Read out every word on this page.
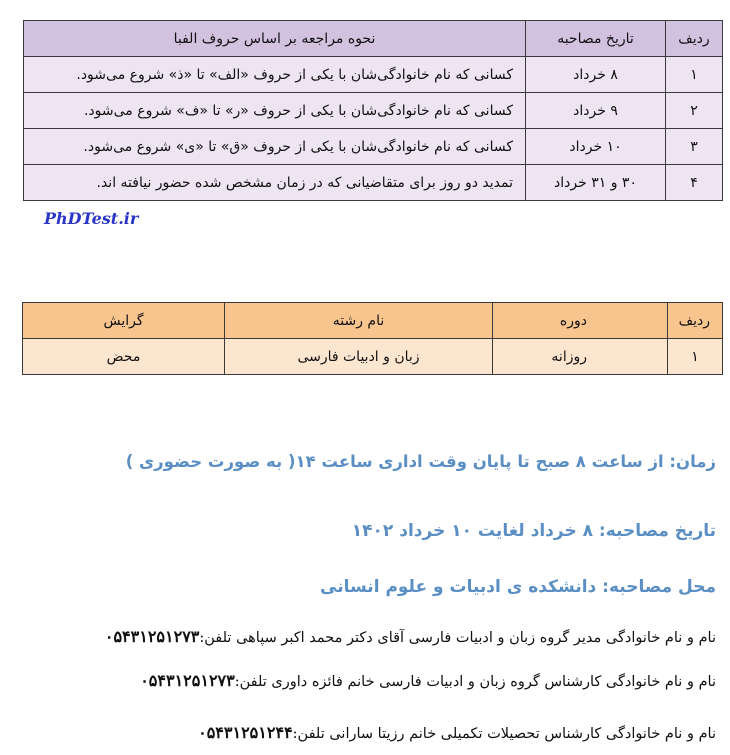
ردیف	تاریخ مصاحبه	نحوه مراجعه بر اساس حروف الفبا
۱	۸ خرداد	کسانی که نام خانوادگی‌شان با یکی از حروف «الف» تا «ذ» شروع می‌شود.
۲	۹ خرداد	کسانی که نام خانوادگی‌شان با یکی از حروف «ر» تا «ف» شروع می‌شود.
۳	۱۰ خرداد	کسانی که نام خانوادگی‌شان با یکی از حروف «ق» تا «ی» شروع می‌شود.
۴	۳۰ و ۳۱ خرداد	تمدید دو روز برای متقاضیانی که در زمان مشخص شده حضور نیافته اند.
PhDTest.ir
ردیف	دوره	نام رشته	گرایش
۱	روزانه	زبان و ادبیات فارسی	محض
زمان: از ساعت ۸ صبح تا پایان وقت اداری ساعت ۱۴( به صورت حضوری )
تاریخ مصاحبه: ۸ خرداد لغایت ۱۰ خرداد ۱۴۰۲
محل مصاحبه: دانشکده ی ادبیات و علوم انسانی
نام و نام خانوادگی مدیر گروه زبان و ادبیات فارسی آقای دکتر محمد اکبر سپاهی تلفن:۰۵۴۳۱۲۵۱۲۷۳
نام و نام خانوادگی کارشناس گروه زبان و ادبیات فارسی خانم فائزه داوری تلفن:۰۵۴۳۱۲۵۱۲۷۳
نام و نام خانوادگی کارشناس تحصیلات تکمیلی خانم رزیتا سارانی تلفن:۰۵۴۳۱۲۵۱۲۴۴
